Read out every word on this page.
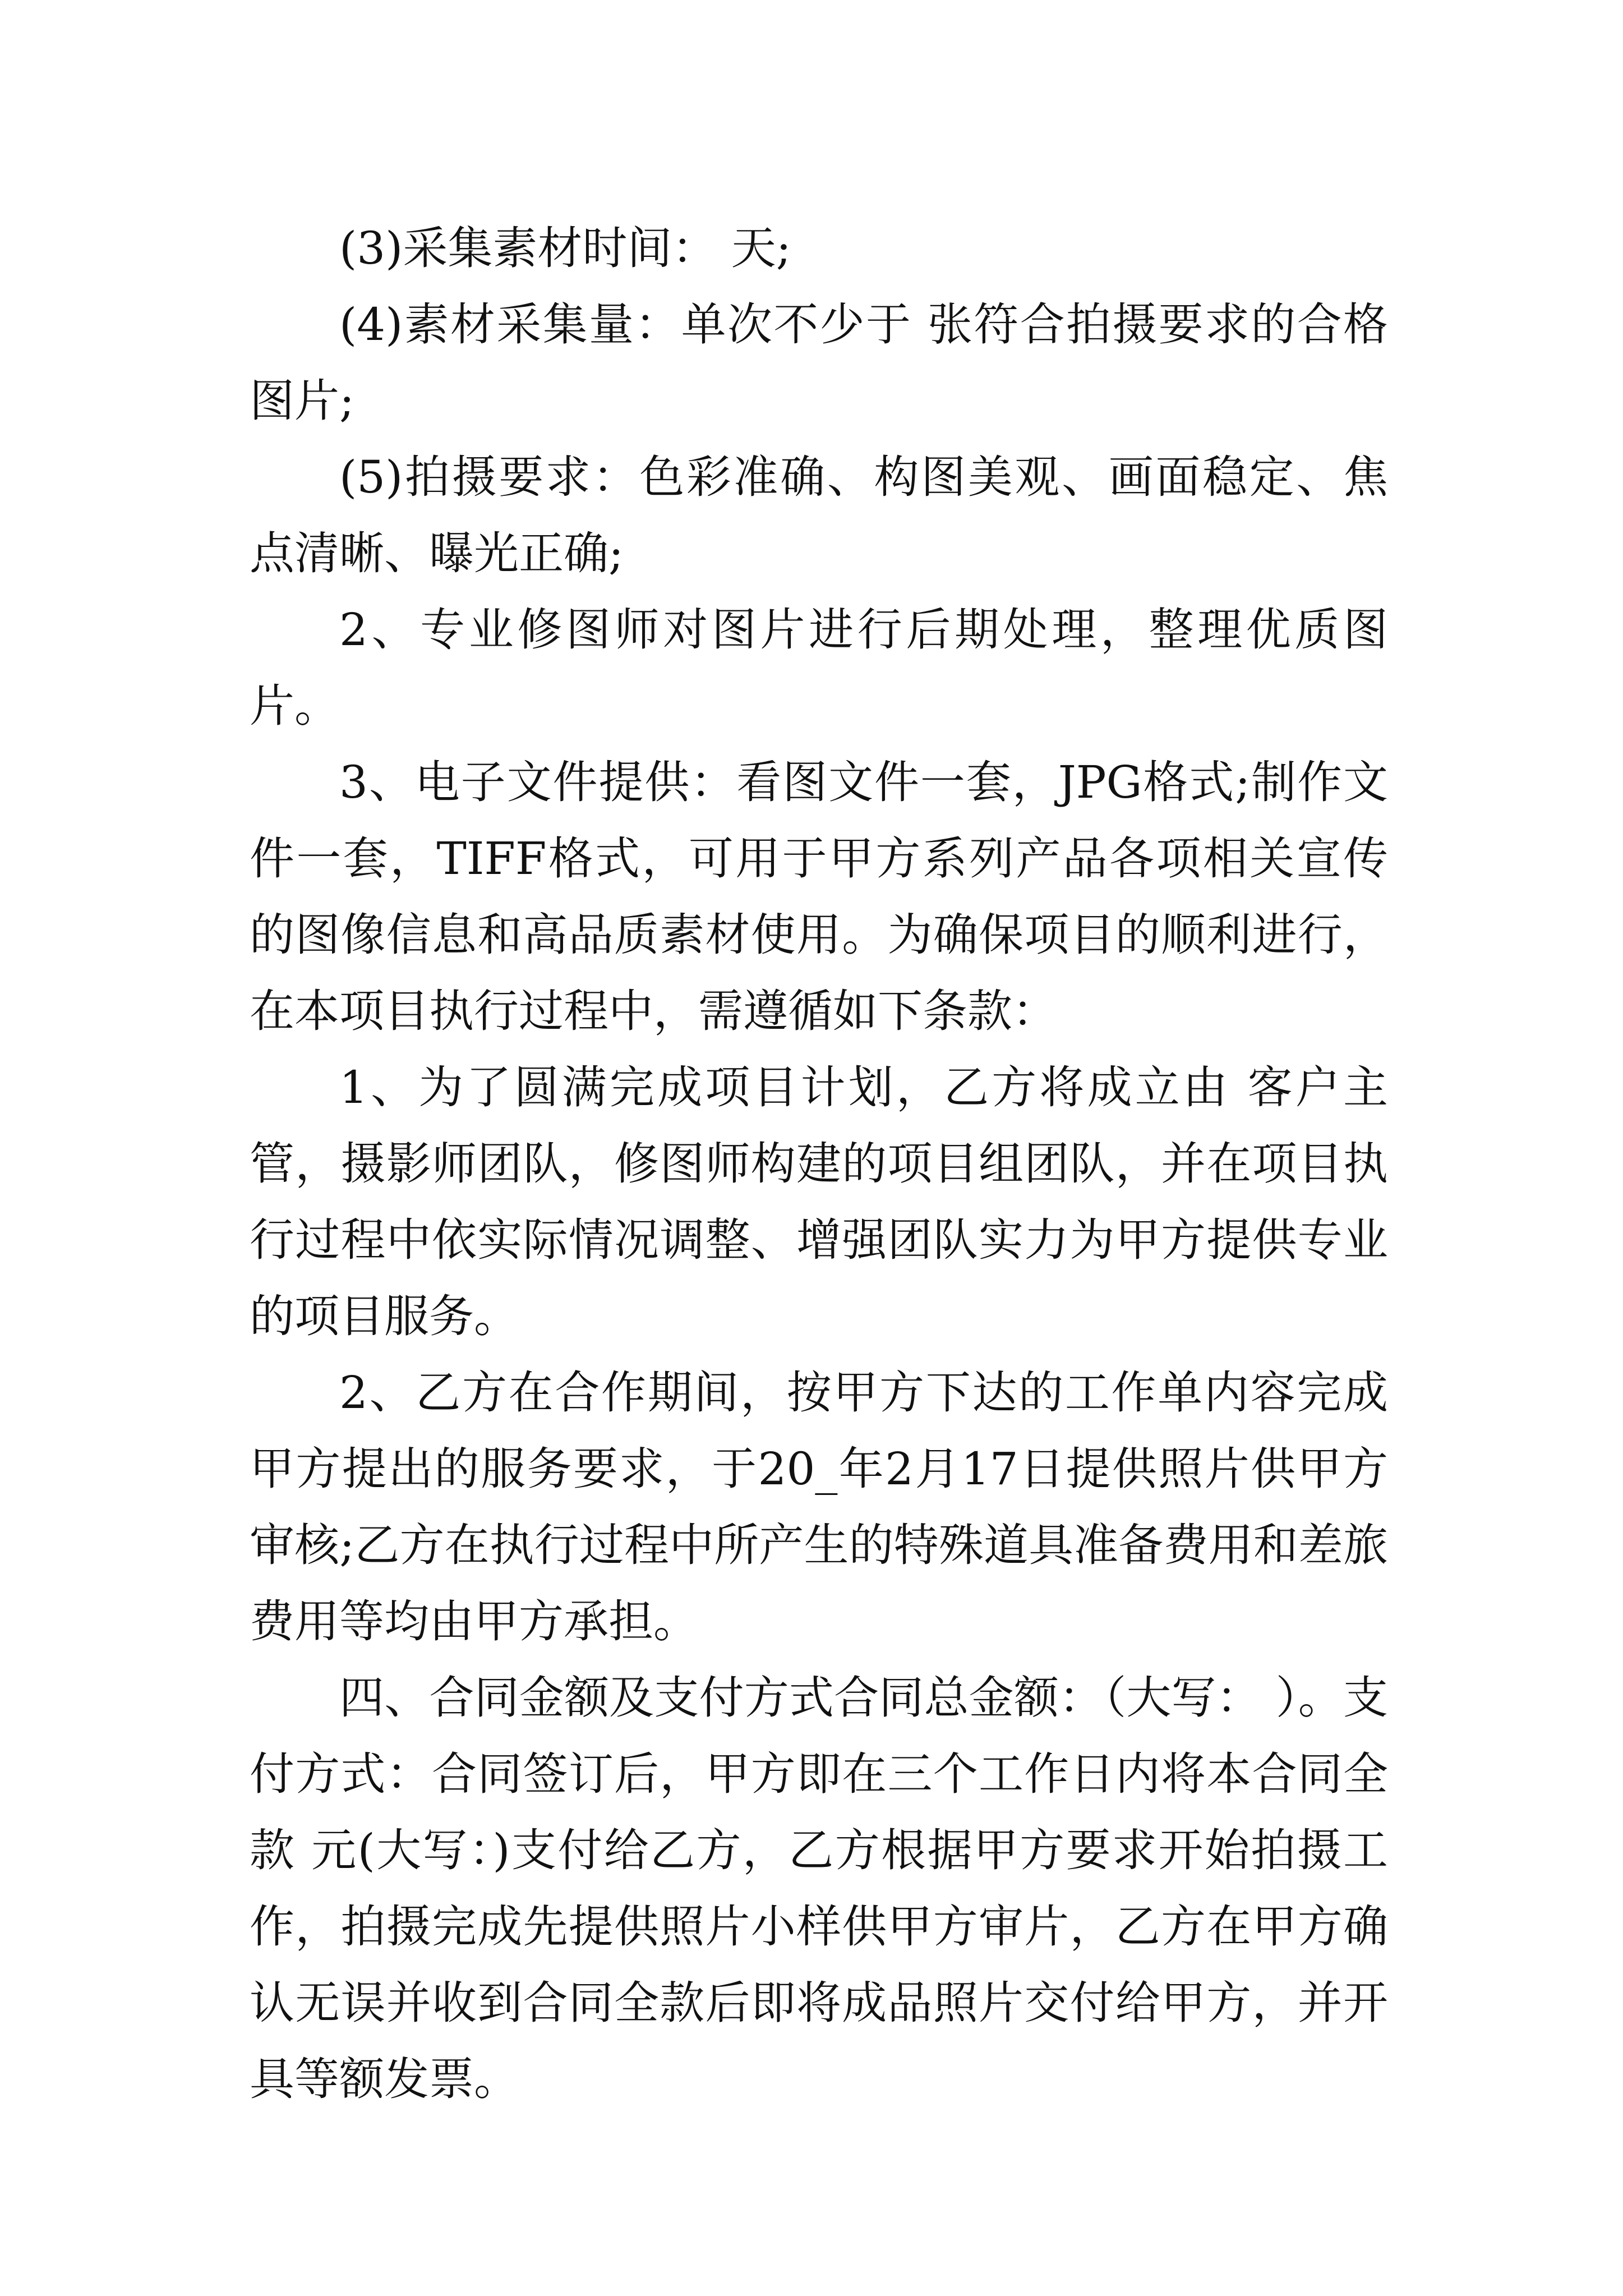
(3)采集素材时间： 天;

(4)素材采集量：单次不少于 张符合拍摄要求的合格图片;

(5)拍摄要求：色彩准确、构图美观、画面稳定、焦点清晰、曝光正确;

2、专业修图师对图片进行后期处理，整理优质图片。

3、电子文件提供：看图文件一套，JPG格式;制作文件一套，TIFF格式，可用于甲方系列产品各项相关宣传的图像信息和高品质素材使用。为确保项目的顺利进行，在本项目执行过程中，需遵循如下条款：

1、为了圆满完成项目计划，乙方将成立由 客户主管，摄影师团队，修图师构建的项目组团队，并在项目执行过程中依实际情况调整、增强团队实力为甲方提供专业的项目服务。

2、乙方在合作期间，按甲方下达的工作单内容完成甲方提出的服务要求，于20_年2月17日提供照片供甲方审核;乙方在执行过程中所产生的特殊道具准备费用和差旅费用等均由甲方承担。

四、合同金额及支付方式合同总金额：（大写： ）。支付方式：合同签订后，甲方即在三个工作日内将本合同全款 元(大写：)支付给乙方，乙方根据甲方要求开始拍摄工作，拍摄完成先提供照片小样供甲方审片，乙方在甲方确认无误并收到合同全款后即将成品照片交付给甲方，并开具等额发票。
